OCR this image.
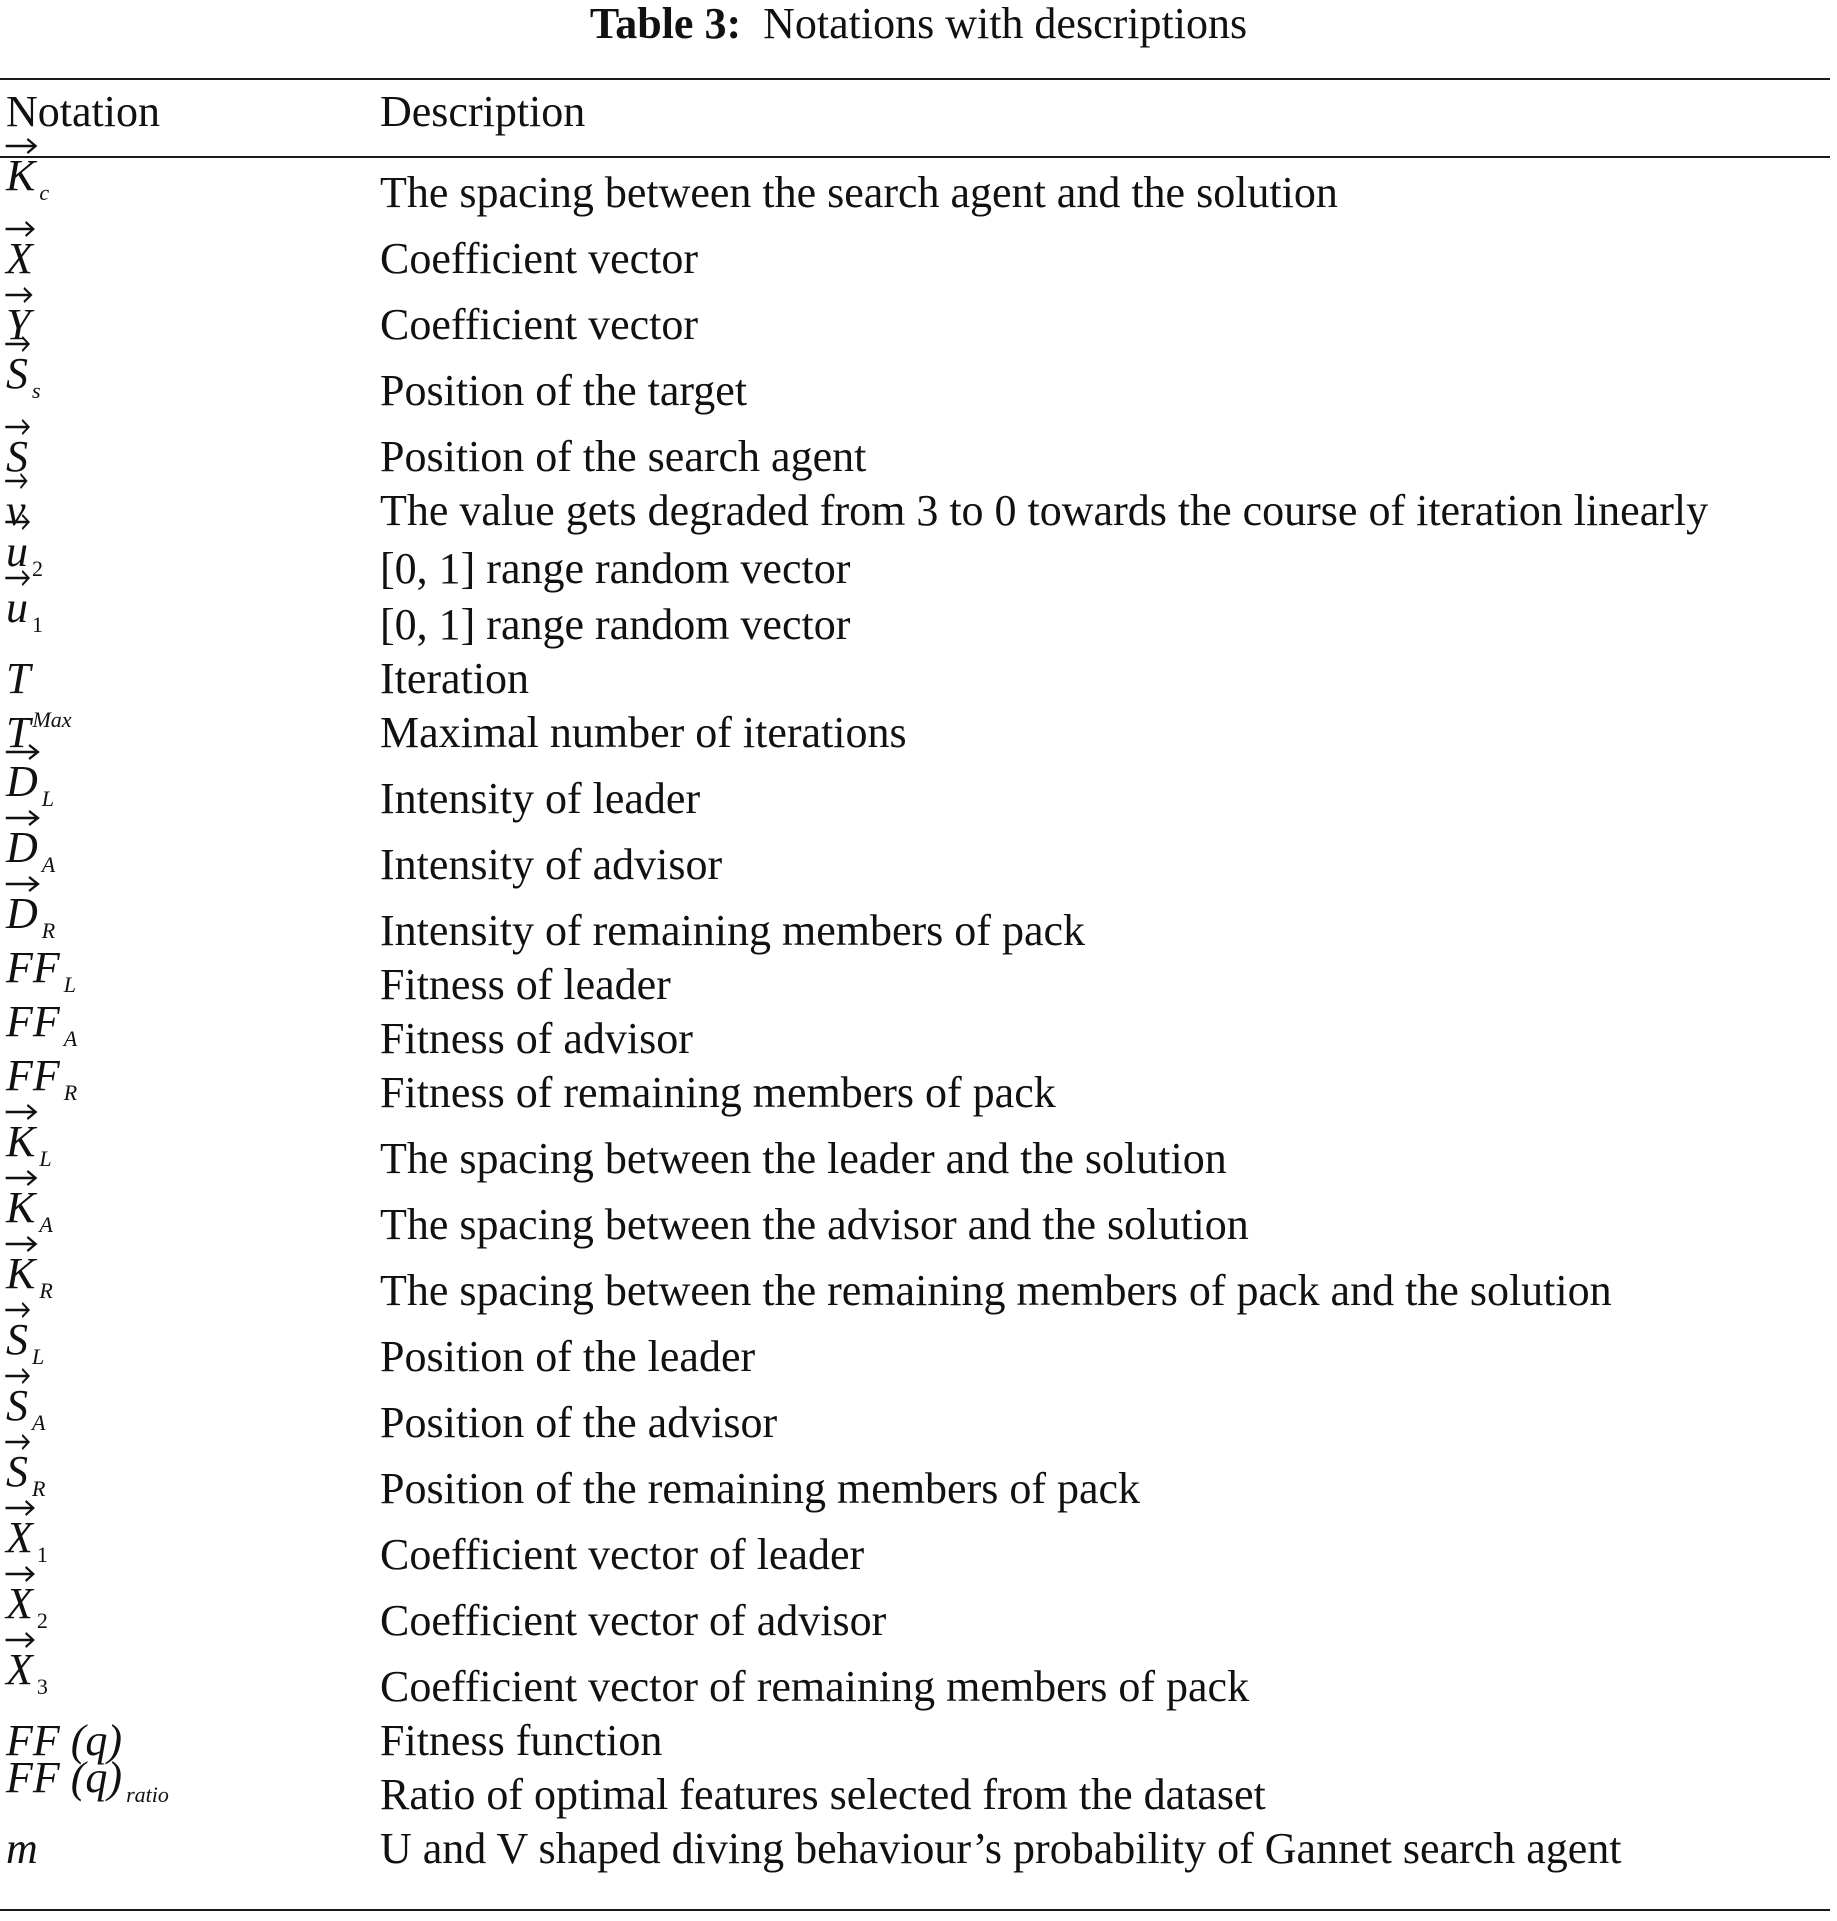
Table 3: Notations with descriptions
Notation	Description
K $_c$	The spacing between the search agent and the solution
X	Coefficient vector
Y	Coefficient vector
S $_s$	Position of the target
S	Position of the search agent
v	The value gets degraded from 3 to 0 towards the course of iteration linearly
u $_2$	[0, 1] range random vector
u $_1$	[0, 1] range random vector
T	Iteration
$T^{Max}$	Maximal number of iterations
D $_L$	Intensity of leader
D $_A$	Intensity of advisor
D $_R$	Intensity of remaining members of pack
FF $_L$	Fitness of leader
FF $_A$	Fitness of advisor
FF $_R$	Fitness of remaining members of pack
K $_L$	The spacing between the leader and the solution
K $_A$	The spacing between the advisor and the solution
K $_R$	The spacing between the remaining members of pack and the solution
S $_L$	Position of the leader
S $_A$	Position of the advisor
S $_R$	Position of the remaining members of pack
X $_1$	Coefficient vector of leader
X $_2$	Coefficient vector of advisor
X $_3$	Coefficient vector of remaining members of pack
FF (q)	Fitness function
FF (q) $_{ratio}$	Ratio of optimal features selected from the dataset
m	U and V shaped diving behaviour’s probability of Gannet search agent
